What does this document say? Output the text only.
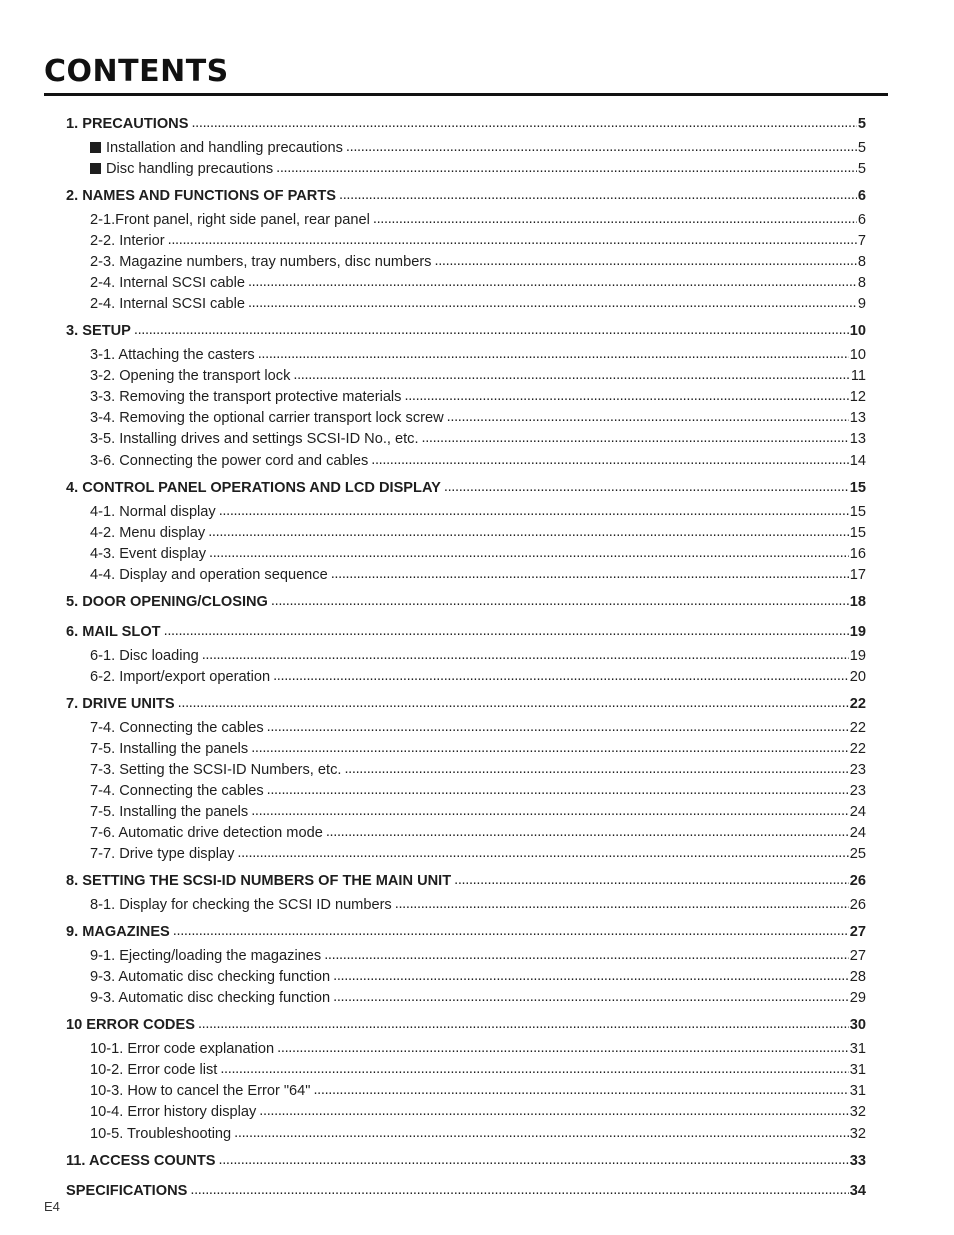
CONTENTS
1. PRECAUTIONS . . .	5
Installation and handling precautions . . .	5
Disc handling precautions . . .	5
2. NAMES AND FUNCTIONS OF PARTS . . .	6
2-1.Front panel, right side panel, rear panel . . .	6
2-2. Interior . . .	7
2-3. Magazine numbers, tray numbers, disc numbers . . .	8
2-4. Internal SCSI cable . . .	8
2-4. Internal SCSI cable . . .	9
3. SETUP . . .	10
3-1. Attaching the casters . . .	10
3-2. Opening the transport lock . . .	11
3-3. Removing the transport protective materials . . .	12
3-4. Removing the optional carrier transport lock screw . . .	13
3-5. Installing drives and settings SCSI-ID No., etc. . . .	13
3-6. Connecting the power cord and cables . . .	14
4. CONTROL PANEL OPERATIONS AND LCD DISPLAY . . .	15
4-1. Normal display . . .	15
4-2. Menu display . . .	15
4-3. Event display . . .	16
4-4. Display and operation sequence . . .	17
5. DOOR OPENING/CLOSING . . .	18
6. MAIL SLOT . . .	19
6-1. Disc loading . . .	19
6-2. Import/export operation . . .	20
7. DRIVE UNITS . . .	22
7-4. Connecting the cables . . .	22
7-5. Installing the panels . . .	22
7-3. Setting the SCSI-ID Numbers, etc. . . .	23
7-4. Connecting the cables . . .	23
7-5. Installing the panels . . .	24
7-6. Automatic drive detection mode . . .	24
7-7. Drive type display . . .	25
8. SETTING THE SCSI-ID NUMBERS OF THE MAIN UNIT . . .	26
8-1. Display for checking the SCSI ID numbers . . .	26
9. MAGAZINES . . .	27
9-1. Ejecting/loading the magazines . . .	27
9-3. Automatic disc checking function . . .	28
9-3. Automatic disc checking function . . .	29
10 ERROR CODES . . .	30
10-1. Error code explanation . . .	31
10-2. Error code list . . .	31
10-3. How to cancel the Error "64" . . .	31
10-4. Error history display . . .	32
10-5. Troubleshooting . . .	32
11. ACCESS COUNTS . . .	33
SPECIFICATIONS . . .	34
E4
